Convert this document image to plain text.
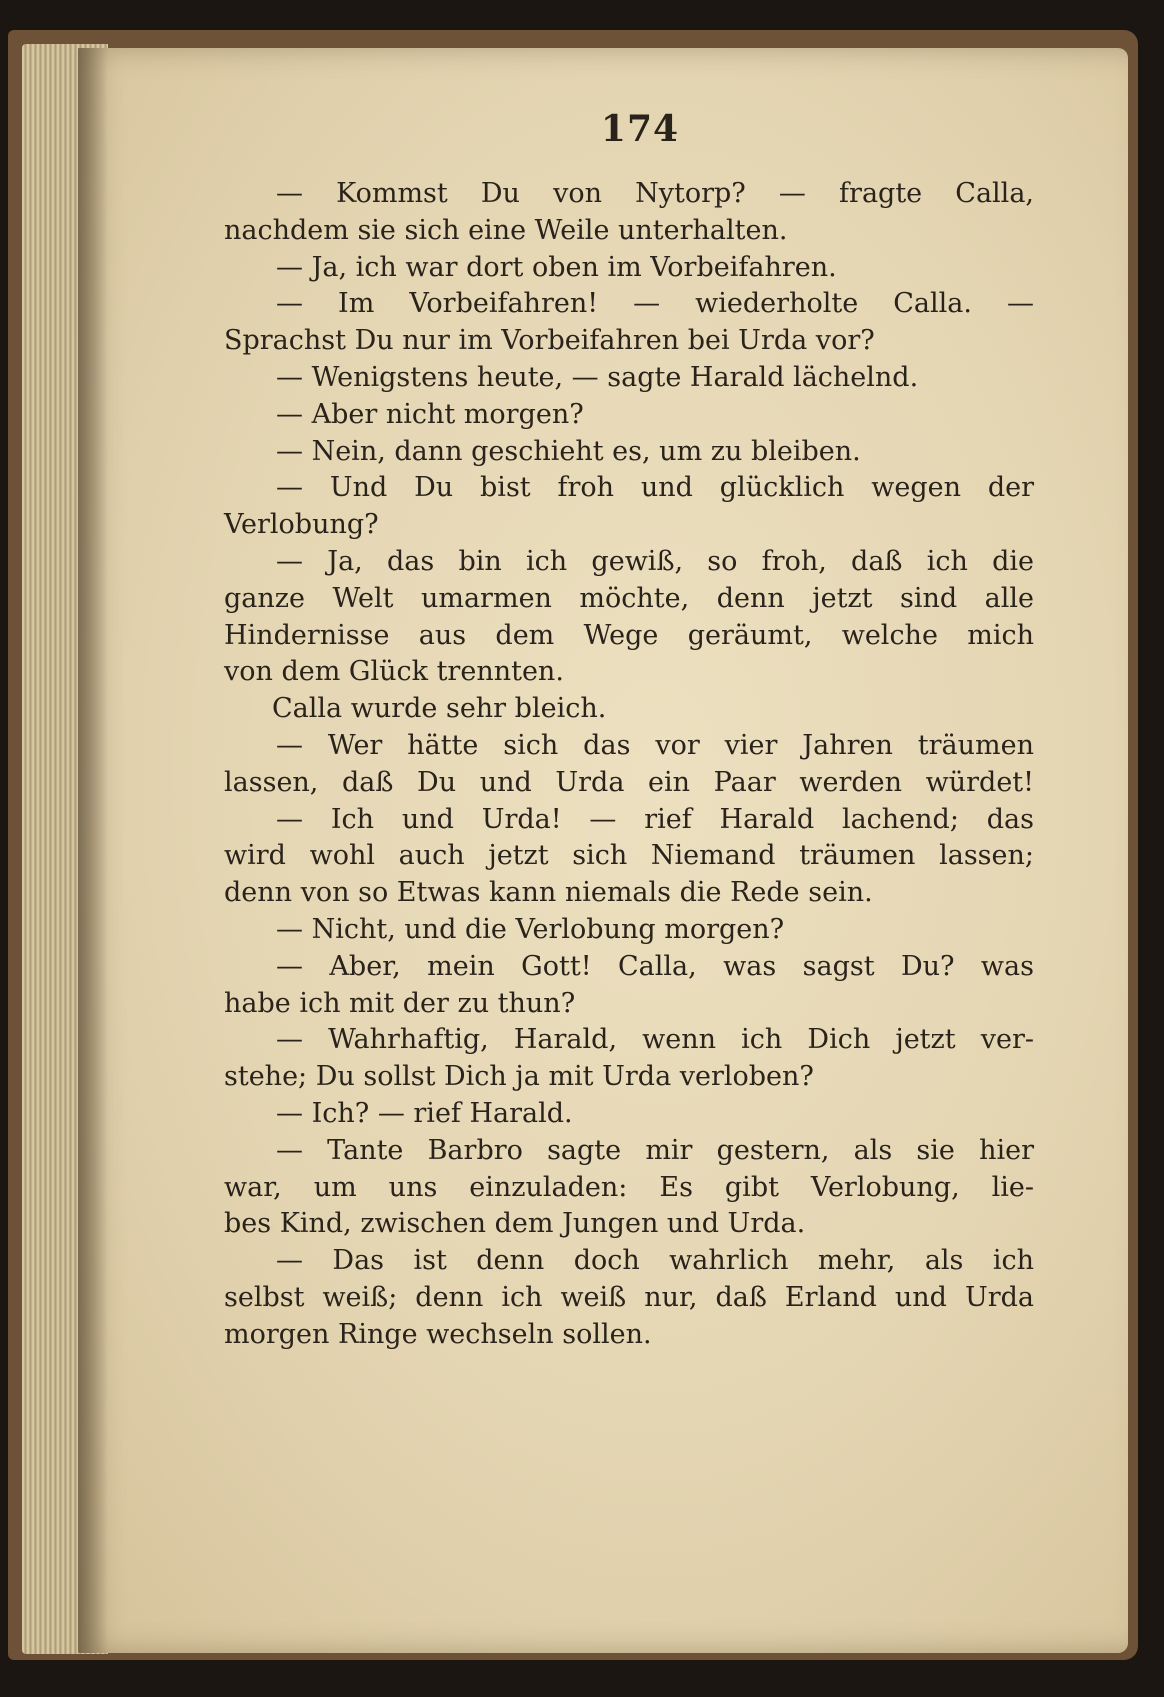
174
— Kommst Du von Nytorp? — fragte Calla,
nachdem sie sich eine Weile unterhalten.
— Ja, ich war dort oben im Vorbeifahren.
— Im Vorbeifahren! — wiederholte Calla. —
Sprachst Du nur im Vorbeifahren bei Urda vor?
— Wenigstens heute, — sagte Harald lächelnd.
— Aber nicht morgen?
— Nein, dann geschieht es, um zu bleiben.
— Und Du bist froh und glücklich wegen der
Verlobung?
— Ja, das bin ich gewiß, so froh, daß ich die
ganze Welt umarmen möchte, denn jetzt sind alle
Hindernisse aus dem Wege geräumt, welche mich
von dem Glück trennten.
Calla wurde sehr bleich.
— Wer hätte sich das vor vier Jahren träumen
lassen, daß Du und Urda ein Paar werden würdet!
— Ich und Urda! — rief Harald lachend; das
wird wohl auch jetzt sich Niemand träumen lassen;
denn von so Etwas kann niemals die Rede sein.
— Nicht, und die Verlobung morgen?
— Aber, mein Gott! Calla, was sagst Du? was
habe ich mit der zu thun?
— Wahrhaftig, Harald, wenn ich Dich jetzt ver-
stehe; Du sollst Dich ja mit Urda verloben?
— Ich? — rief Harald.
— Tante Barbro sagte mir gestern, als sie hier
war, um uns einzuladen: Es gibt Verlobung, lie-
bes Kind, zwischen dem Jungen und Urda.
— Das ist denn doch wahrlich mehr, als ich
selbst weiß; denn ich weiß nur, daß Erland und Urda
morgen Ringe wechseln sollen.
